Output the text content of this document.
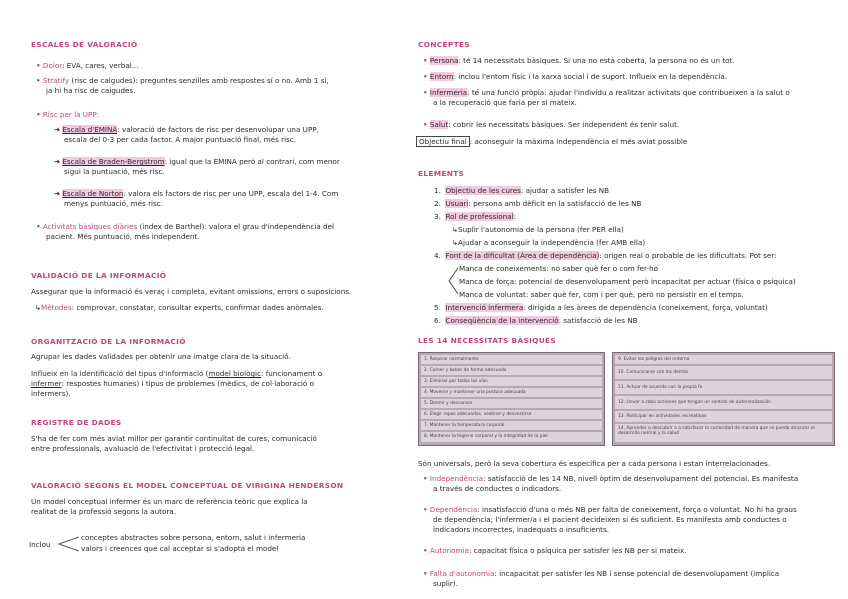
ESCALES DE VALORACIÓ
• Dolor: EVA, cares, verbal...
• Stratify (risc de caigudes): preguntes senzilles amb respostes sí o no. Amb 1 sí,
ja hi ha risc de caigudes.
• Risc per la UPP:
➜ Escala d'EMINA: valoració de factors de risc per desenvolupar una UPP,
escala del 0-3 per cada factor. A major puntuació final, més risc.
➜ Escala de Braden-Bergstrom: igual que la EMINA però al contrari, com menor
sigui la puntuació, més risc.
➜ Escala de Norton: valora els factors de risc per una UPP, escala del 1-4. Com
menys puntuació, més risc.
• Activitats bàsiques diàries (índex de Barthel): valora el grau d'independència del
pacient. Més puntuació, més independent.
VALIDACIÓ DE LA INFORMACIÓ
Assegurar que la informació és veraç i completa, evitant omissions, errors o suposicions.
↳Mètodes: comprovar, constatar, consultar experts, confirmar dades anòmales.
ORGANITZACIÓ DE LA INFORMACIÓ
Agrupar les dades validades per obtenir una imatge clara de la situació.
Influeix en la identificació del tipus d'informació (model biològic: funcionament o
infermer: respostes humanes) i tipus de problemes (mèdics, de col·laboració o
infermers).
REGISTRE DE DADES
S'ha de fer com més aviat millor per garantir continuïtat de cures, comunicació
entre professionals, avaluació de l'efectivitat i protecció legal.
VALORACIÓ SEGONS EL MODEL CONCEPTUAL DE VIRIGINA HENDERSON
Un model conceptual infermer és un marc de referència teòric que explica la
realitat de la professió segons la autora.
Inclou
conceptes abstractes sobre persona, entorn, salut i infermeria
valors i creences que cal acceptar si s'adopta el model
CONCEPTES
• Persona: té 14 necessitats bàsiques. Si una no està coberta, la persona no és un tot.
• Entorn: inclou l'entorn físic i la xarxa social i de suport. Influeix en la dependència.
• Infermeria: té una funció pròpia: ajudar l'individu a realitzar activitats que contribueixen a la salut o
a la recuperació que faria per si mateix.
• Salut: cobrir les necessitats bàsiques. Ser independent és tenir salut.
Objectiu final : aconseguir la màxima independència el més aviat possible
ELEMENTS
1. Objectiu de les cures: ajudar a satisfer les NB
2. Usuari: persona amb dèficit en la satisfacció de les NB
3. Rol de professional:
↳Suplir l'autonomia de la persona (fer PER ella)
↳Ajudar a aconseguir la independència (fer AMB ella)
4. Font de la dificultat (Àrea de dependència): origen real o probable de les dificultats. Pot ser:
Manca de coneixements: no saber què fer o com fer-ho
Manca de força: potencial de desenvolupament però incapacitat per actuar (física o psíquica)
Manca de voluntat: saber què fer, com i per què, però no persistir en el temps.
5. Intervenció infermera: dirigida a les àrees de dependència (coneixement, força, voluntat)
6. Conseqüència de la intervenció: satisfacció de les NB
LES 14 NECESSITATS BÀSIQUES
1. Respirar normalmente
2. Comer y beber de forma adecuada
3. Eliminar por todas las vías
4. Moverse y mantener una postura adecuada
5. Dormir y descansar
6. Elegir ropas adecuadas, vestirse y desvestirse
7. Mantener la temperatura corporal
8. Mantener la higiene corporal y la integridad de la piel
9. Evitar los peligros del entorno
10. Comunicarse con los demás
11. Actuar de acuerdo con la propia fe
12. Llevar a cabo acciones que tengan un sentido de autorrealización
13. Participar en actividades recreativas
14. Aprender a descubrir o a satisfacer la curiosidad de manera que se pueda alcanzar el desarrollo normal y la salud
Són universals, però la seva cobertura és específica per a cada persona i estan interrelacionades.
• Independència: satisfacció de les 14 NB, nivell òptim de desenvolupament del potencial. Es manifesta
a través de conductes o indicadors.
• Dependència: insatisfacció d'una o més NB per falta de coneixement, força o voluntat. No hi ha graus
de dependència; l'infermer/a i el pacient decideixen si és suficient. Es manifesta amb conductes o
indicadors incorrectes, inadequats o insuficients.
• Autonomia: capacitat física o psíquica per satisfer les NB per si mateix.
• Falta d'autonomia: incapacitat per satisfer les NB i sense potencial de desenvolupament (implica
suplir).
